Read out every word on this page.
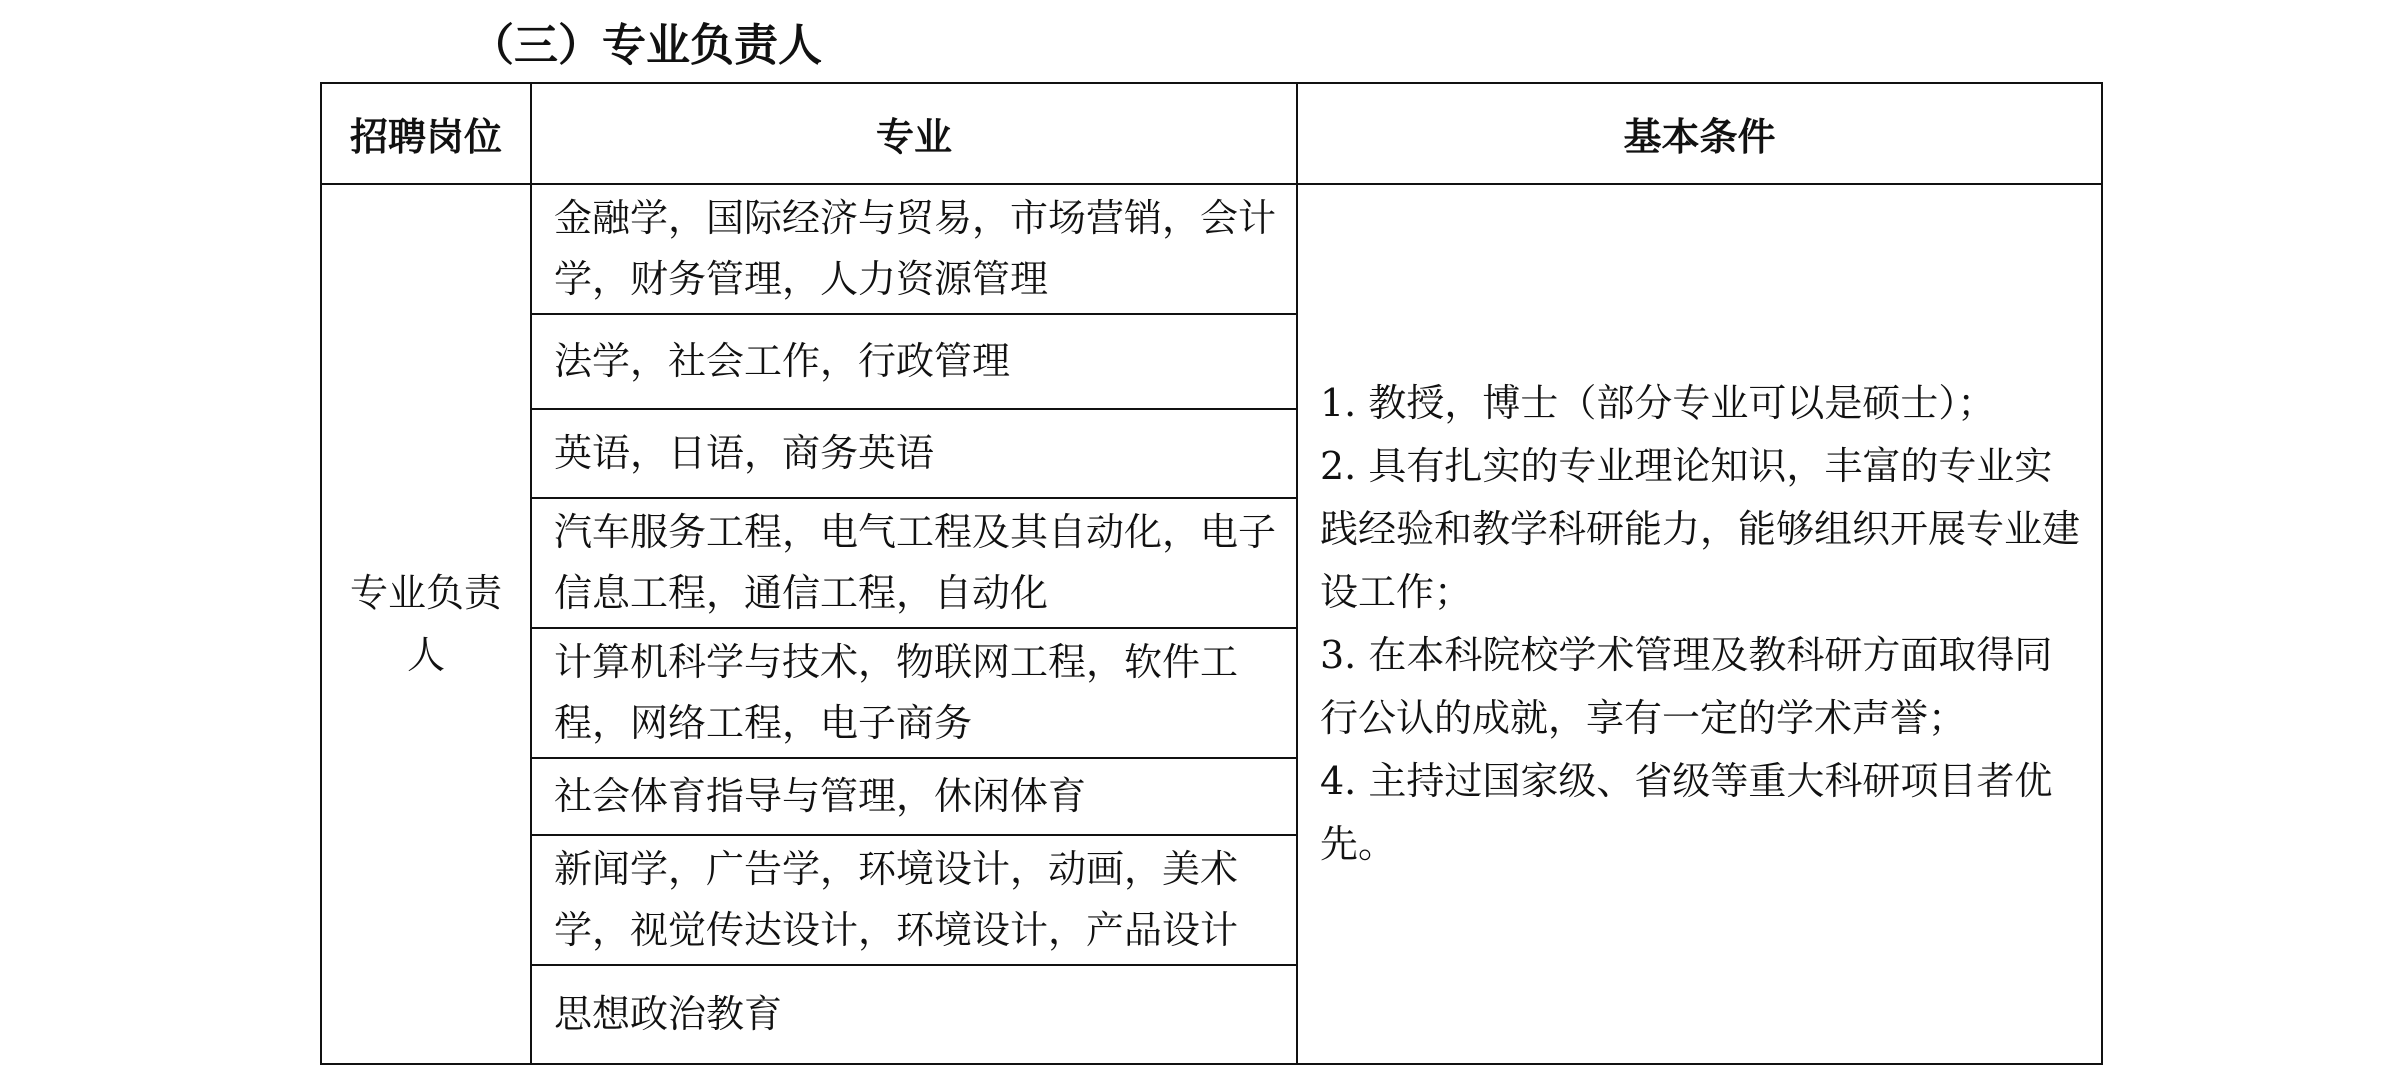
（三）专业负责人
招聘岗位	专业	基本条件
专业负责人	金融学，国际经济与贸易，市场营销，会计学，财务管理，人力资源管理	1. 教授，博士（部分专业可以是硕士）；
2. 具有扎实的专业理论知识，丰富的专业实践经验和教学科研能力，能够组织开展专业建设工作；
3. 在本科院校学术管理及教科研方面取得同行公认的成就，享有一定的学术声誉；
4. 主持过国家级、省级等重大科研项目者优先。

	法学，社会工作，行政管理	
	英语，日语，商务英语	
	汽车服务工程，电气工程及其自动化，电子信息工程，通信工程，自动化	
	计算机科学与技术，物联网工程，软件工程，网络工程，电子商务	
	社会体育指导与管理，休闲体育	
	新闻学，广告学，环境设计，动画，美术学，视觉传达设计，环境设计，产品设计	
	思想政治教育	
